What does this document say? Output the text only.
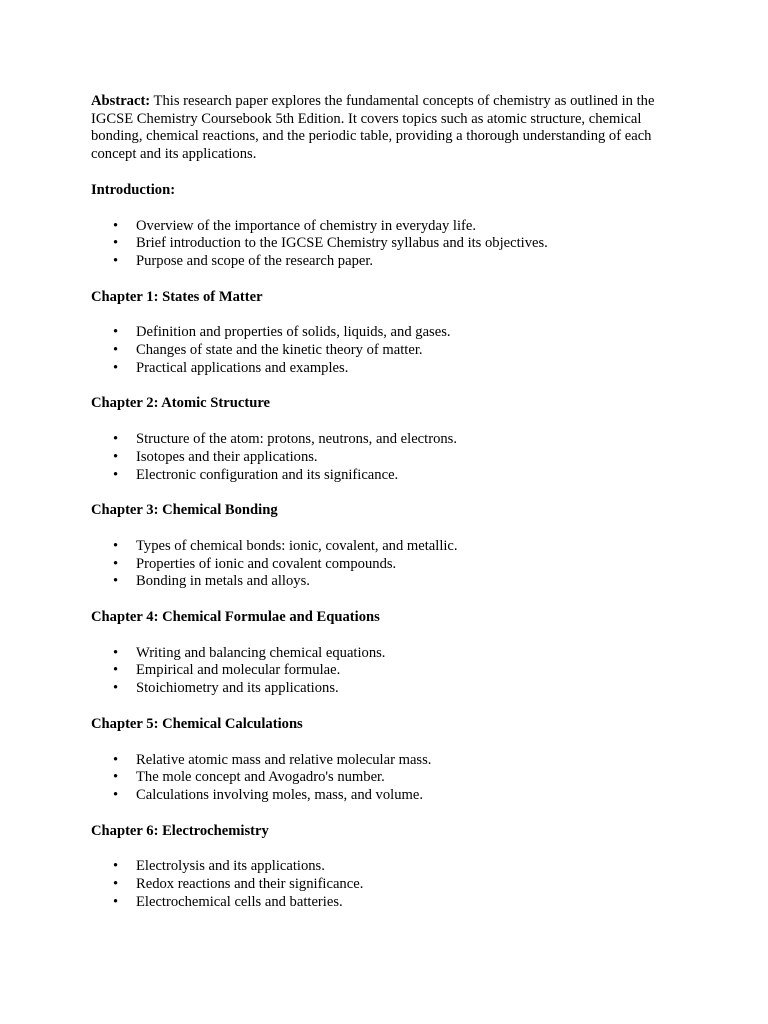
Abstract: This research paper explores the fundamental concepts of chemistry as outlined in the IGCSE Chemistry Coursebook 5th Edition. It covers topics such as atomic structure, chemical bonding, chemical reactions, and the periodic table, providing a thorough understanding of each concept and its applications.

Introduction:
• Overview of the importance of chemistry in everyday life.
• Brief introduction to the IGCSE Chemistry syllabus and its objectives.
• Purpose and scope of the research paper.
Chapter 1: States of Matter
• Definition and properties of solids, liquids, and gases.
• Changes of state and the kinetic theory of matter.
• Practical applications and examples.
Chapter 2: Atomic Structure
• Structure of the atom: protons, neutrons, and electrons.
• Isotopes and their applications.
• Electronic configuration and its significance.
Chapter 3: Chemical Bonding
• Types of chemical bonds: ionic, covalent, and metallic.
• Properties of ionic and covalent compounds.
• Bonding in metals and alloys.
Chapter 4: Chemical Formulae and Equations
• Writing and balancing chemical equations.
• Empirical and molecular formulae.
• Stoichiometry and its applications.
Chapter 5: Chemical Calculations
• Relative atomic mass and relative molecular mass.
• The mole concept and Avogadro's number.
• Calculations involving moles, mass, and volume.
Chapter 6: Electrochemistry
• Electrolysis and its applications.
• Redox reactions and their significance.
• Electrochemical cells and batteries.
